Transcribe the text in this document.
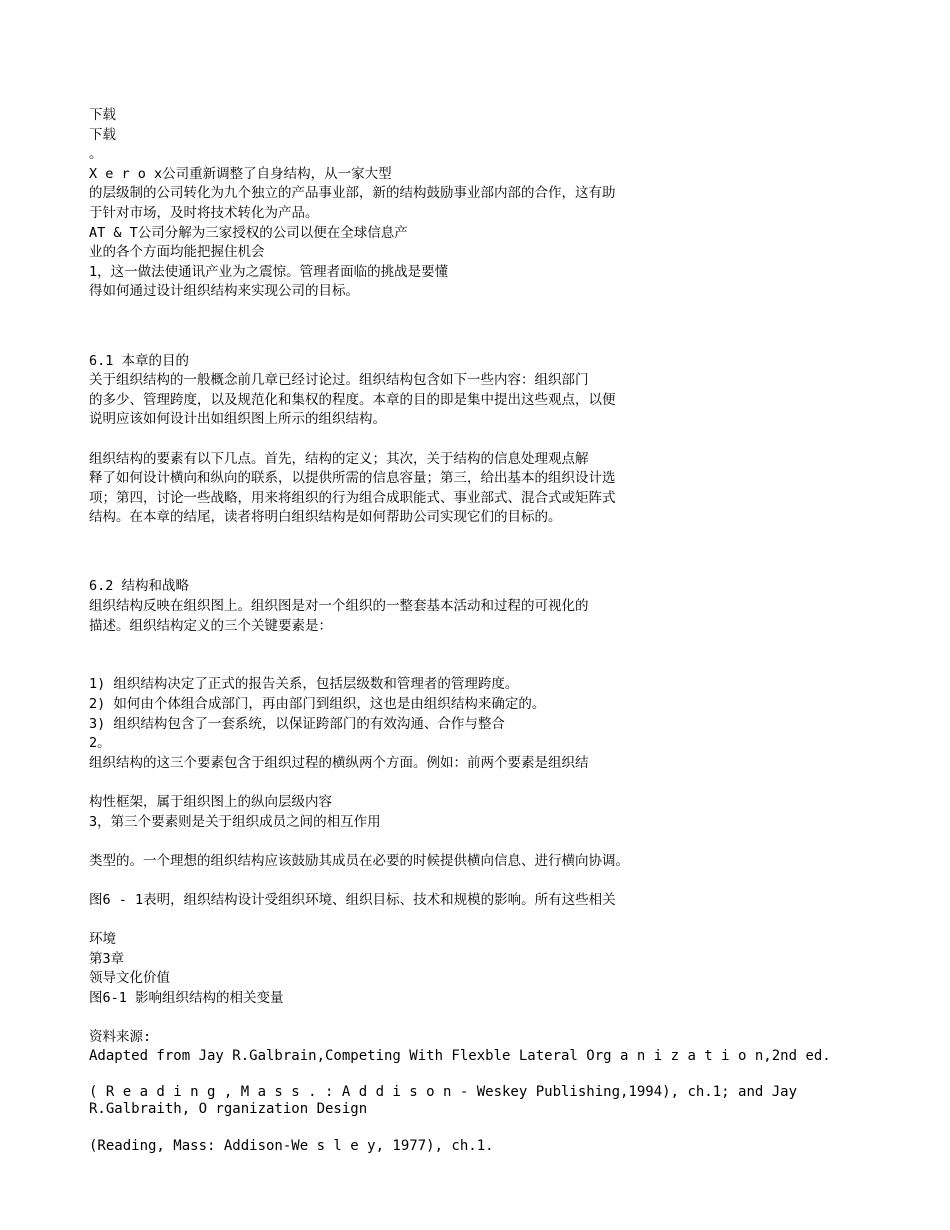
下载
下载
。
X e r o x公司重新调整了自身结构，从一家大型
的层级制的公司转化为九个独立的产品事业部，新的结构鼓励事业部内部的合作，这有助
于针对市场，及时将技术转化为产品。
AT & T公司分解为三家授权的公司以便在全球信息产
业的各个方面均能把握住机会
1，这一做法使通讯产业为之震惊。管理者面临的挑战是要懂
得如何通过设计组织结构来实现公司的目标。
6.1 本章的目的
关于组织结构的一般概念前几章已经讨论过。组织结构包含如下一些内容：组织部门
的多少、管理跨度，以及规范化和集权的程度。本章的目的即是集中提出这些观点，以便
说明应该如何设计出如组织图上所示的组织结构。
组织结构的要素有以下几点。首先，结构的定义；其次，关于结构的信息处理观点解
释了如何设计横向和纵向的联系，以提供所需的信息容量；第三，给出基本的组织设计选
项；第四，讨论一些战略，用来将组织的行为组合成职能式、事业部式、混合式或矩阵式
结构。在本章的结尾，读者将明白组织结构是如何帮助公司实现它们的目标的。
6.2 结构和战略
组织结构反映在组织图上。组织图是对一个组织的一整套基本活动和过程的可视化的
描述。组织结构定义的三个关键要素是：
1) 组织结构决定了正式的报告关系，包括层级数和管理者的管理跨度。
2) 如何由个体组合成部门，再由部门到组织，这也是由组织结构来确定的。
3) 组织结构包含了一套系统，以保证跨部门的有效沟通、合作与整合
2。
组织结构的这三个要素包含于组织过程的横纵两个方面。例如：前两个要素是组织结
构性框架，属于组织图上的纵向层级内容
3，第三个要素则是关于组织成员之间的相互作用
类型的。一个理想的组织结构应该鼓励其成员在必要的时候提供横向信息、进行横向协调。
图6 - 1表明，组织结构设计受组织环境、组织目标、技术和规模的影响。所有这些相关
环境
第3章
领导文化价值
图6-1 影响组织结构的相关变量
资料来源:
Adapted from Jay R.Galbrain,Competing With Flexble Lateral Org a n i z a t i o n,2nd ed.
( R e a d i n g , M a s s . : A d d i s o n - Weskey Publishing,1994), ch.1; and Jay R.Galbraith, O rganization Design
(Reading, Mass: Addison-We s l e y, 1977), ch.1.
